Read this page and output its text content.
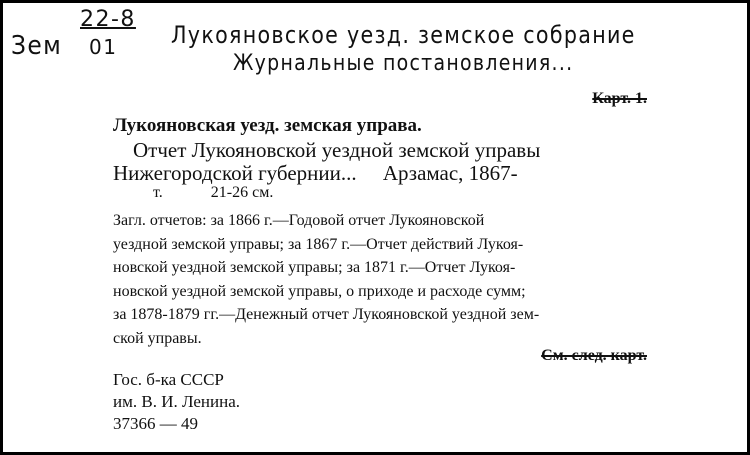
Зем
22-8
01 Лукояновское уезд. земское собрание
Журнальные постановления...
Карт. 1.
Лукояновская уезд. земская управа.
Отчет Лукояновской уездной земской управы
Нижегородской губернии...     Арзамас, 1867-
т.	21-26 см.
Загл. отчетов: за 1866 г.—Годовой отчет Лукояновской
уездной земской управы; за 1867 г.—Отчет действий Лукоя-
новской уездной земской управы; за 1871 г.—Отчет Лукоя-
новской уездной земской управы, о приходе и расходе сумм;
за 1878-1879 гг.—Денежный отчет Лукояновской уездной зем-
ской управы.
См. след. карт.
Гос. б-ка СССР
им. В. И. Ленина.
37366 — 49
